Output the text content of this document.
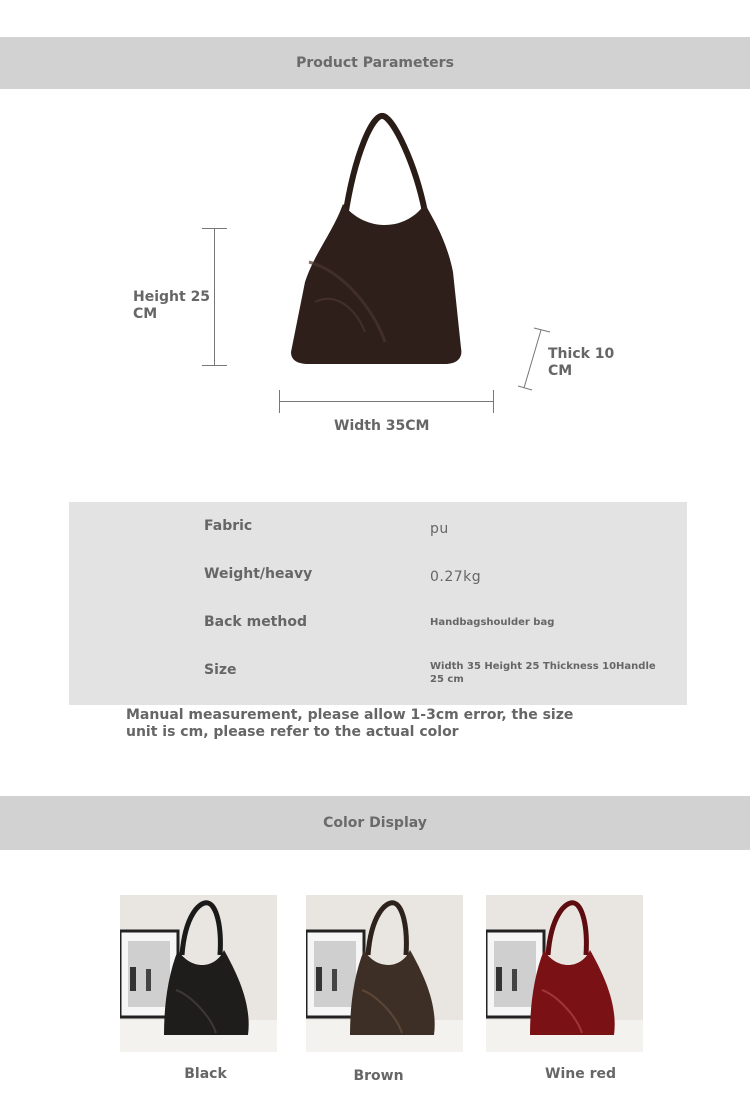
Product Parameters
Height 25 CM
Thick 10 CM
Width 35CM
Fabric	pu
Weight/heavy	0.27kg
Back method	Handbagshoulder bag
Size	Width 35 Height 25 Thickness 10Handle 25 cm
Manual measurement, please allow 1-3cm error, the size unit is cm, please refer to the actual color
Color Display
Black	Brown	Wine red
